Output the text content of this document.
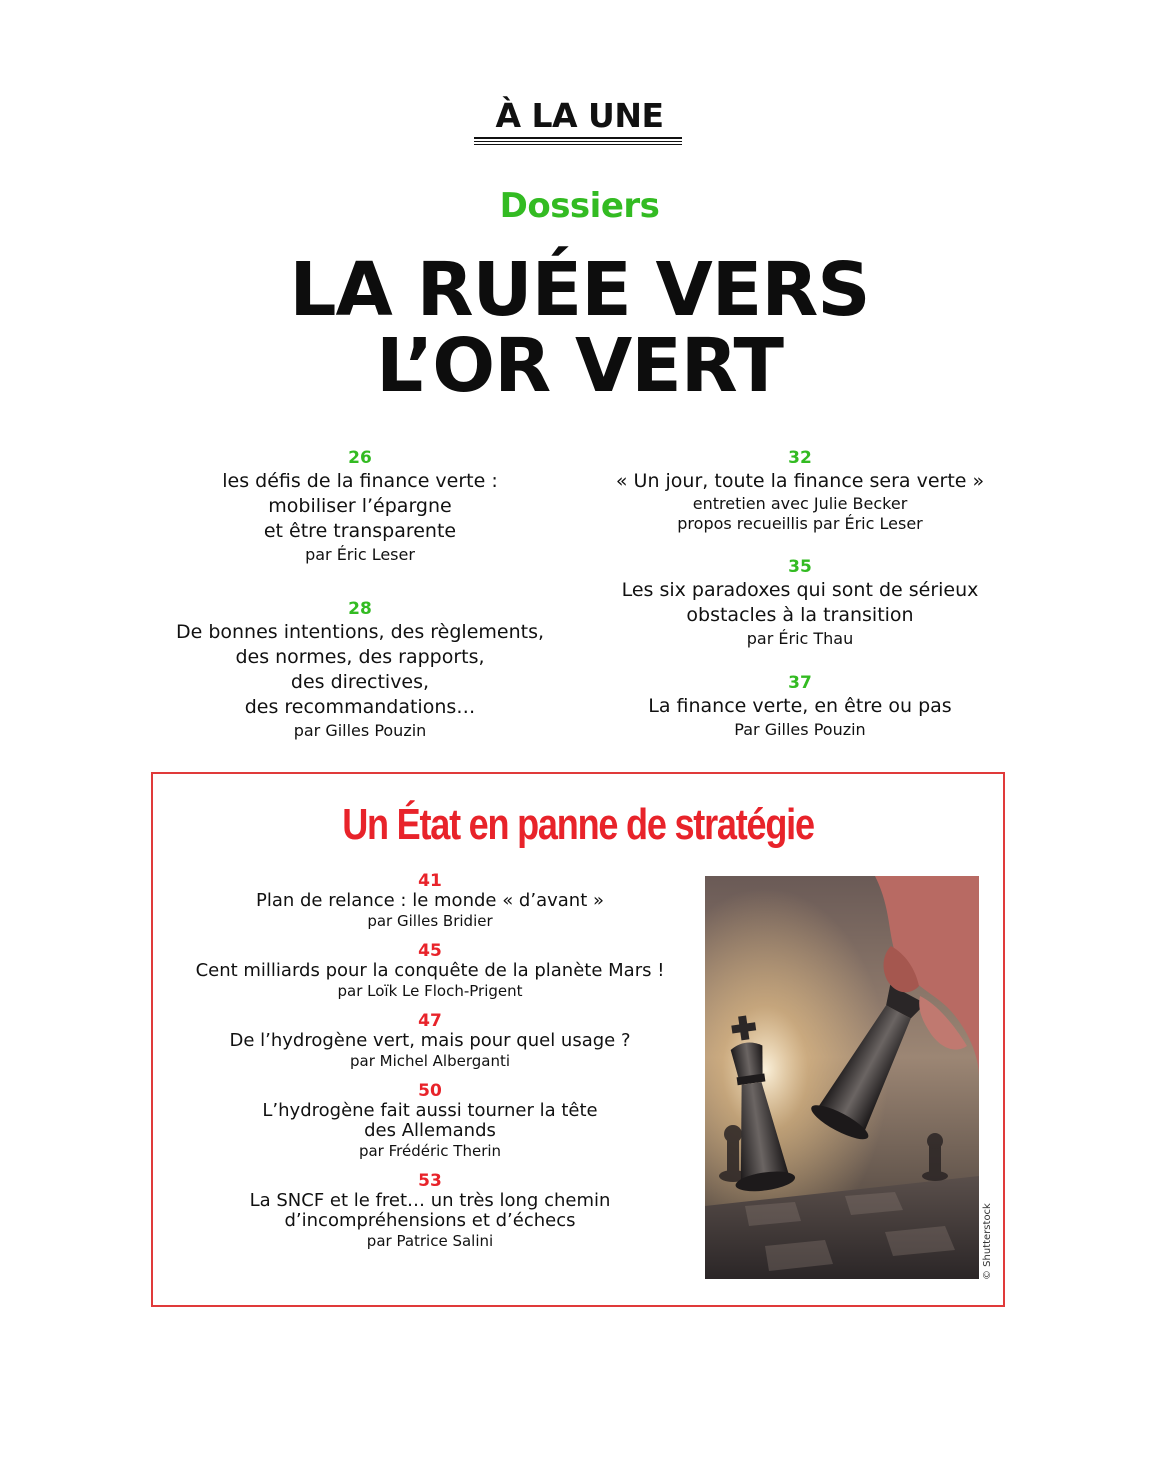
À LA UNE
Dossiers
LA RUÉE VERS
L’OR VERT
26
les défis de la finance verte :
mobiliser l’épargne
et être transparente
par Éric Leser
28
De bonnes intentions, des règlements,
des normes, des rapports,
des directives,
des recommandations…
par Gilles Pouzin
32
« Un jour, toute la finance sera verte »
entretien avec Julie Becker
propos recueillis par Éric Leser
35
Les six paradoxes qui sont de sérieux
obstacles à la transition
par Éric Thau
37
La finance verte, en être ou pas
Par Gilles Pouzin
Un État en panne de stratégie
41
Plan de relance : le monde « d’avant »
par Gilles Bridier
45
Cent milliards pour la conquête de la planète Mars !
par Loïk Le Floch-Prigent
47
De l’hydrogène vert, mais pour quel usage ?
par Michel Alberganti
50
L’hydrogène fait aussi tourner la tête
des Allemands
par Frédéric Therin
53
La SNCF et le fret… un très long chemin
d’incompréhensions et d’échecs
par Patrice Salini	© Shutterstock
